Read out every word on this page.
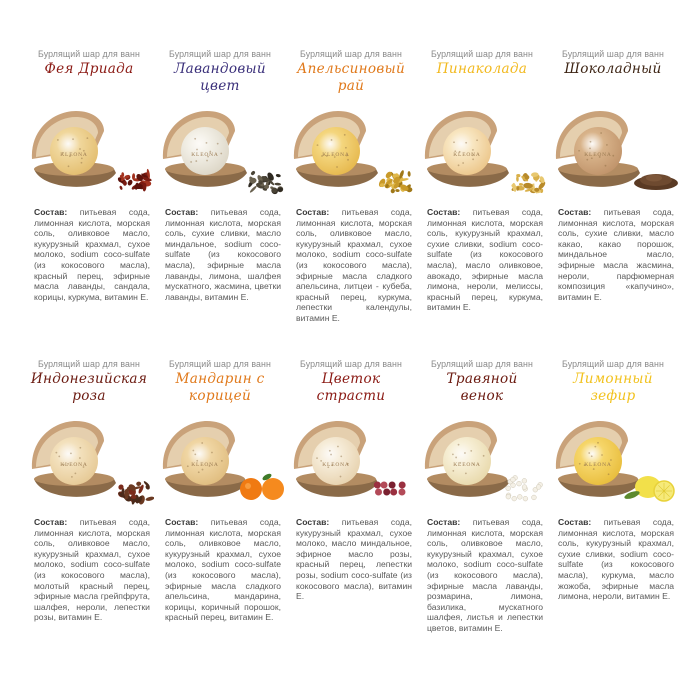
Бурлящий шар для ванн
Фея Дриада
KLEONA
Состав: питьевая сода, лимонная кислота, морская соль, оливковое масло, кукурузный крахмал, сухое молоко, sodium coco-sulfate (из кокосового масла), красный перец, эфирные масла лаванды, сандала, корицы, куркума, витамин Е.
Бурлящий шар для ванн
Лавандовый цвет
KLEONA
Состав: питьевая сода, лимонная кислота, морская соль, сухие сливки, масло миндальное, sodium coco-sulfate (из кокосового масла), эфирные масла лаванды, лимона, шалфея мускатного, жасмина, цветки лаванды, витамин Е.
Бурлящий шар для ванн
Апельсиновый рай
KLEONA
Состав: питьевая сода, лимонная кислота, морская соль, оливковое масло, кукурузный крахмал, сухое молоко, sodium coco-sulfate (из кокосового масла), эфирные масла сладкого апельсина, литцеи - кубеба, красный перец, куркума, лепестки календулы, витамин Е.
Бурлящий шар для ванн
Пинаколада
KLEONA
Состав: питьевая сода, лимонная кислота, морская соль, кукурузный крахмал, сухие сливки, sodium coco-sulfate (из кокосового масла), масло оливковое, авокадо, эфирные масла лимона, нероли, мелиссы, красный перец, куркума, витамин Е.
Бурлящий шар для ванн
Шоколадный
KLEONA
Состав: питьевая сода, лимонная кислота, морская соль, сухие сливки, масло какао, какао порошок, миндальное масло, эфирные масла жасмина, нероли, парфюмерная композиция «капучино», витамин Е.
Бурлящий шар для ванн
Индонезийская роза
KLEONA
Состав: питьевая сода, лимонная кислота, морская соль, оливковое масло, кукурузный крахмал, сухое молоко, sodium coco-sulfate (из кокосового масла), молотый красный перец, эфирные масла грейпфрута, шалфея, нероли, лепестки розы, витамин Е.
Бурлящий шар для ванн
Мандарин с корицей
KLEONA
Состав: питьевая сода, лимонная кислота, морская соль, оливковое масло, кукурузный крахмал, сухое молоко, sodium coco-sulfate (из кокосового масла), эфирные масла сладкого апельсина, мандарина, корицы, коричный порошок, красный перец, витамин Е.
Бурлящий шар для ванн
Цветок страсти
KLEONA
Состав: питьевая сода, кукурузный крахмал, сухое молоко, масло миндальное, эфирное масло розы, красный перец, лепестки розы, sodium coco-sulfate (из кокосового масла), витамин Е.
Бурлящий шар для ванн
Травяной венок
KLEONA
Состав: питьевая сода, лимонная кислота, морская соль, оливковое масло, кукурузный крахмал, сухое молоко, sodium coco-sulfate (из кокосового масла), эфирные масла лаванды, розмарина, лимона, базилика, мускатного шалфея, листья и лепестки цветов, витамин Е.
Бурлящий шар для ванн
Лимонный зефир
KLEONA
Состав: питьевая сода, лимонная кислота, морская соль, кукурузный крахмал, сухие сливки, sodium coco-sulfate (из кокосового масла), куркума, масло жожоба, эфирные масла лимона, нероли, витамин Е.
